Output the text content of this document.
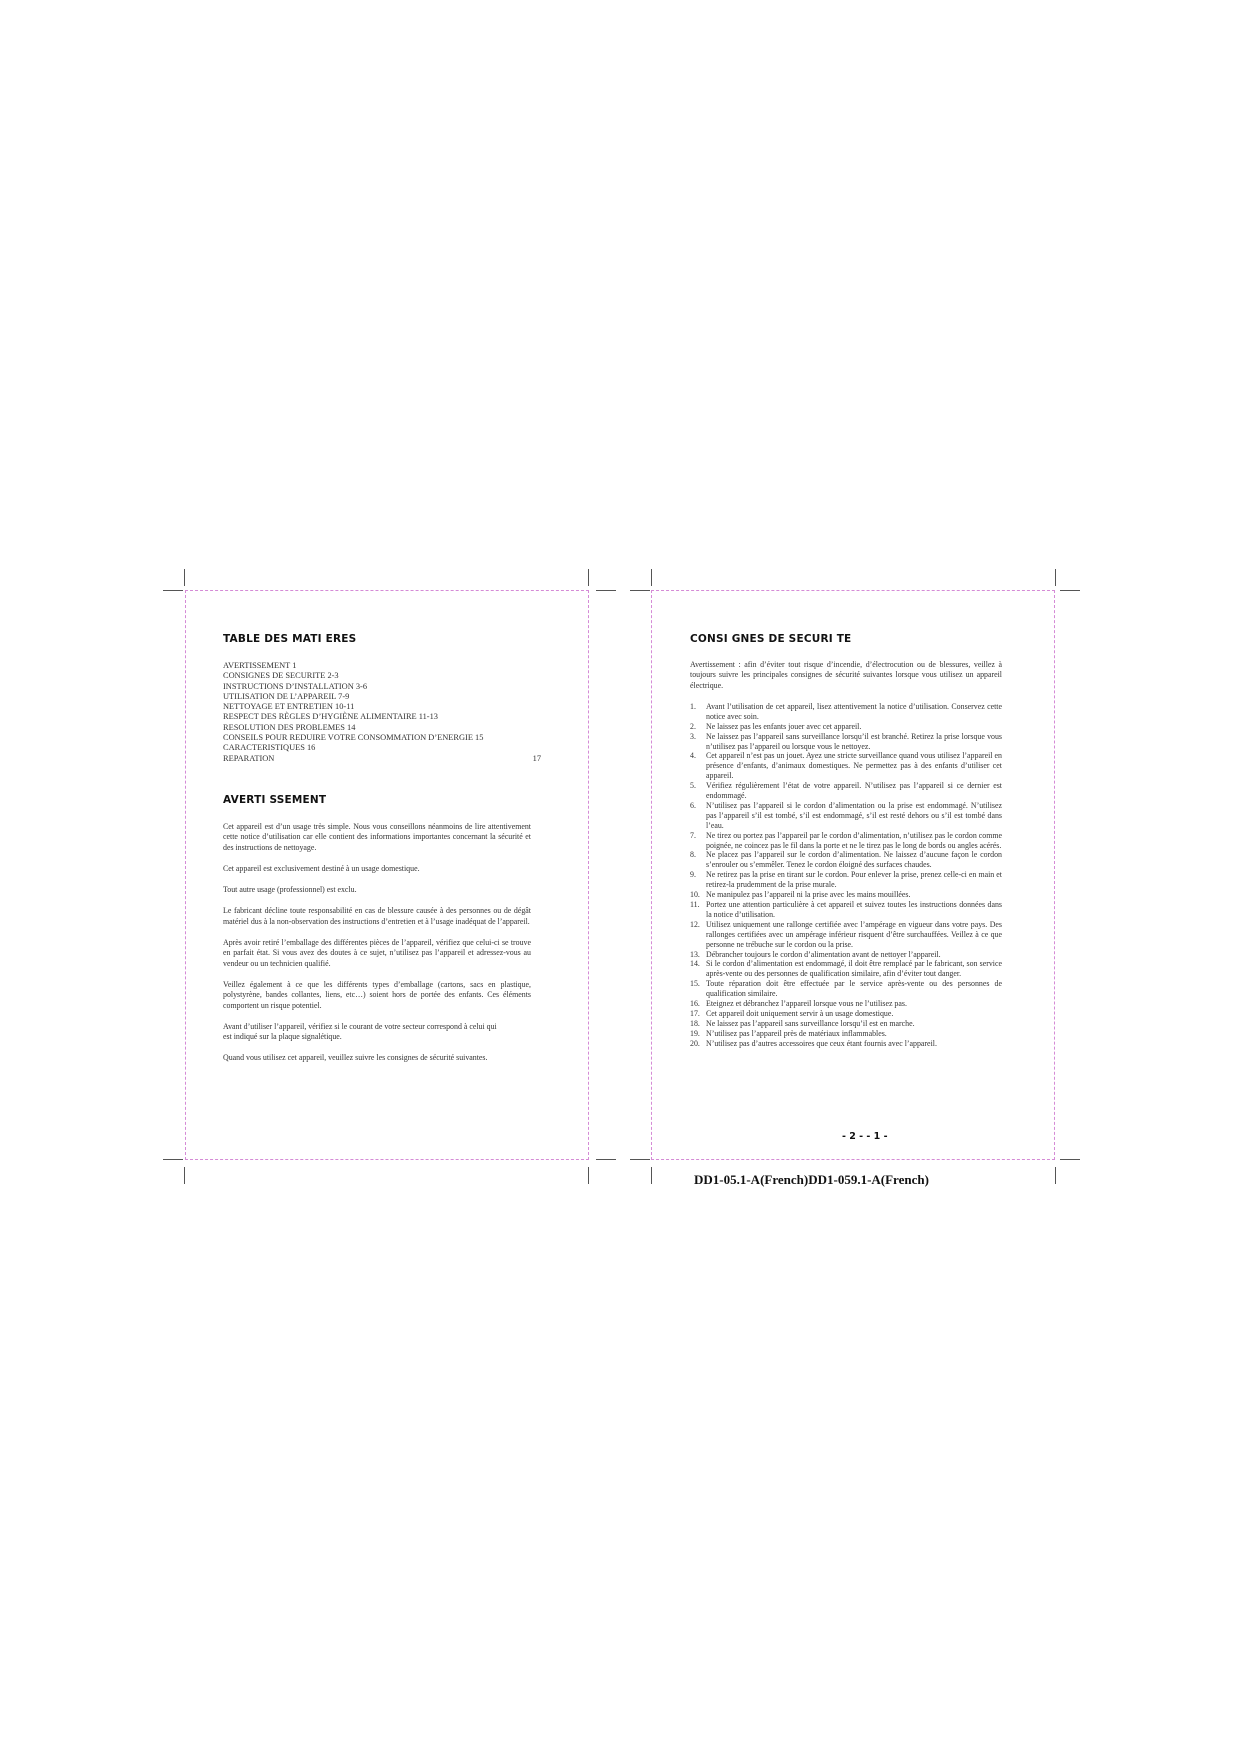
TABLE DES MATI ERES
AVERTISSEMENT 1
CONSIGNES DE SECURITE 2-3
INSTRUCTIONS D’INSTALLATION 3-6
UTILISATION DE L’APPAREIL 7-9
NETTOYAGE ET ENTRETIEN 10-11
RESPECT DES RÈGLES D’HYGIÈNE ALIMENTAIRE 11-13
RESOLUTION DES PROBLEMES 14
CONSEILS POUR REDUIRE VOTRE CONSOMMATION D’ENERGIE 15
CARACTERISTIQUES 16
REPARATION	17
AVERTI SSEMENT

Cet appareil est d’un usage très simple. Nous vous conseillons néanmoins de lire attentivement cette notice d’utilisation car elle contient des informations importantes concernant la sécurité et des instructions de nettoyage.

Cet appareil est exclusivement destiné à un usage domestique.

Tout autre usage (professionnel) est exclu.

Le fabricant décline toute responsabilité en cas de blessure causée à des personnes ou de dégât matériel dus à la non-observation des instructions d’entretien et à l’usage inadéquat de l’appareil.

Après avoir retiré l’emballage des différentes pièces de l’appareil, vérifiez que celui-ci se trouve en parfait état. Si vous avez des doutes à ce sujet, n’utilisez pas l’appareil et adressez-vous au vendeur ou un technicien qualifié.

Veillez également à ce que les différents types d’emballage (cartons, sacs en plastique, polystyrène, bandes collantes, liens, etc…) soient hors de portée des enfants. Ces éléments comportent un risque potentiel.

Avant d’utiliser l’appareil, vérifiez si le courant de votre secteur correspond à celui qui est indiqué sur la plaque signalétique.

Quand vous utilisez cet appareil, veuillez suivre les consignes de sécurité suivantes.

CONSI GNES DE SECURI TE

Avertissement : afin d’éviter tout risque d’incendie, d’électrocution ou de blessures, veillez à toujours suivre les principales consignes de sécurité suivantes lorsque vous utilisez un appareil électrique.

1.	Avant l’utilisation de cet appareil, lisez attentivement la notice d’utilisation. Conservez cette notice avec soin.
2.	Ne laissez pas les enfants jouer avec cet appareil.
3.	Ne laissez pas l’appareil sans surveillance lorsqu’il est branché. Retirez la prise lorsque vous n’utilisez pas l’appareil ou lorsque vous le nettoyez.
4.	Cet appareil n’est pas un jouet. Ayez une stricte surveillance quand vous utilisez l’appareil en présence d’enfants, d’animaux domestiques. Ne permettez pas à des enfants d’utiliser cet appareil.
5.	Vérifiez régulièrement l’état de votre appareil. N’utilisez pas l’appareil si ce dernier est endommagé.
6.	N’utilisez pas l’appareil si le cordon d’alimentation ou la prise est endommagé. N’utilisez pas l’appareil s’il est tombé, s’il est endommagé, s’il est resté dehors ou s’il est tombé dans l’eau.
7.	Ne tirez ou portez pas l’appareil par le cordon d’alimentation, n’utilisez pas le cordon comme poignée, ne coincez pas le fil dans la porte et ne le tirez pas le long de bords ou angles acérés.
8.	Ne placez pas l’appareil sur le cordon d’alimentation. Ne laissez d’aucune façon le cordon s’enrouler ou s’emmêler. Tenez le cordon éloigné des surfaces chaudes.
9.	Ne retirez pas la prise en tirant sur le cordon. Pour enlever la prise, prenez celle-ci en main et retirez-la prudemment de la prise murale.
10. Ne manipulez pas l’appareil ni la prise avec les mains mouillées.
11. Portez une attention particulière à cet appareil et suivez toutes les instructions données dans la notice d’utilisation.
12. Utilisez uniquement une rallonge certifiée avec l’ampérage en vigueur dans votre pays. Des rallonges certifiées avec un ampérage inférieur risquent d’être surchauffées. Veillez à ce que personne ne trébuche sur le cordon ou la prise.
13. Débrancher toujours le cordon d’alimentation avant de nettoyer l’appareil.
14. Si le cordon d’alimentation est endommagé, il doit être remplacé par le fabricant, son service après-vente ou des personnes de qualification similaire, afin d’éviter tout danger.
15. Toute réparation doit être effectuée par le service après-vente ou des personnes de qualification similaire.
16. Eteignez et débranchez l’appareil lorsque vous ne l’utilisez pas.
17. Cet appareil doit uniquement servir à un usage domestique.
18. Ne laissez pas l’appareil sans surveillance lorsqu’il est en marche.
19. N’utilisez pas l’appareil près de matériaux inflammables.
20. N’utilisez pas d’autres accessoires que ceux étant fournis avec l’appareil.
- 2 - - 1 -
DD1-05.1-A(French)DD1-059.1-A(French)
